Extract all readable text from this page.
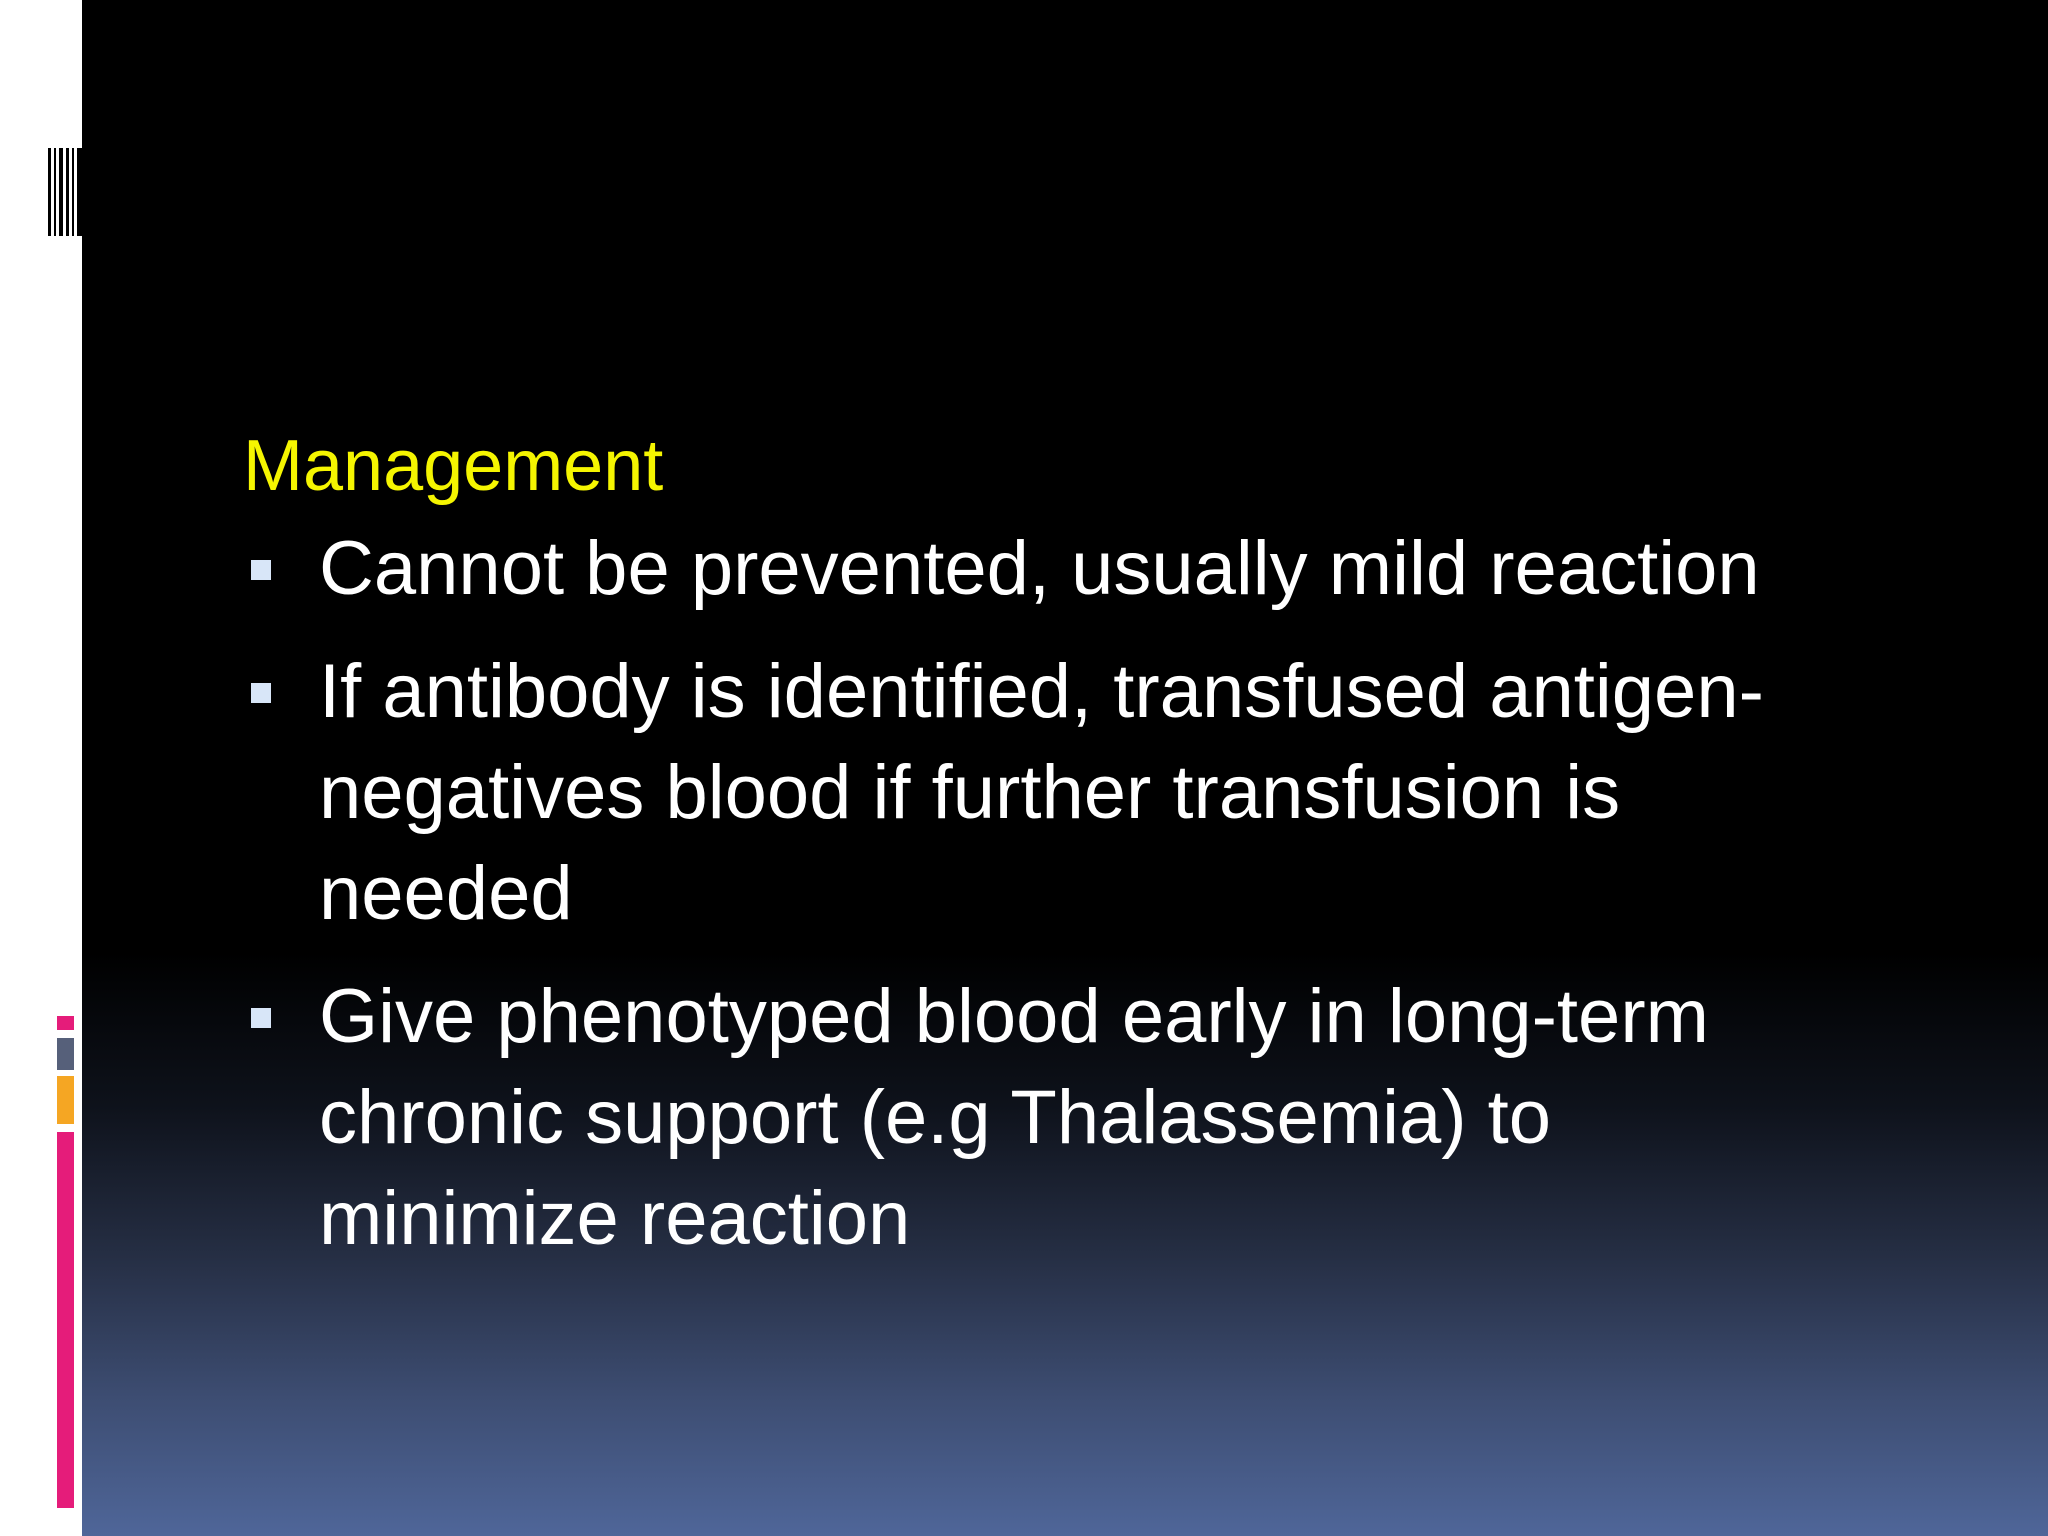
Management
Cannot be prevented, usually mild reaction
If antibody is identified, transfused antigen-negatives blood if further transfusion is needed
Give phenotyped blood early in long-term chronic support (e.g Thalassemia) to minimize reaction
